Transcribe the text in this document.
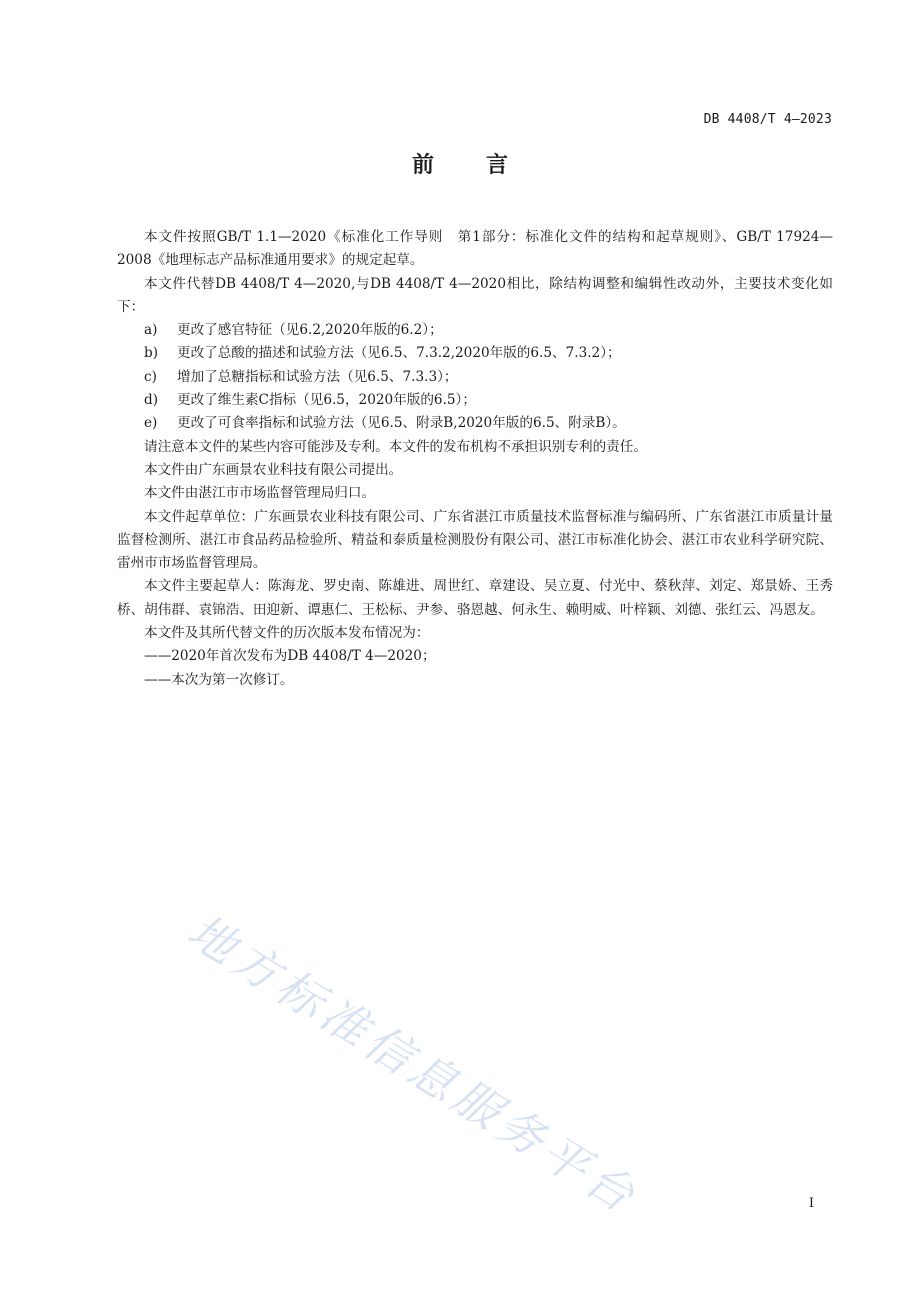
DB 4408/T 4—2023
前言

本文件按照GB/T 1.1—2020《标准化工作导则　第1部分：标准化文件的结构和起草规则》、GB/T 17924—2008《地理标志产品标准通用要求》的规定起草。

本文件代替DB 4408/T 4—2020,与DB 4408/T 4—2020相比，除结构调整和编辑性改动外，主要技术变化如下：

a) 更改了感官特征（见6.2,2020年版的6.2）；

b) 更改了总酸的描述和试验方法（见6.5、7.3.2,2020年版的6.5、7.3.2）；

c) 增加了总糖指标和试验方法（见6.5、7.3.3）；

d) 更改了维生素C指标（见6.5，2020年版的6.5）；

e) 更改了可食率指标和试验方法（见6.5、附录B,2020年版的6.5、附录B）。

请注意本文件的某些内容可能涉及专利。本文件的发布机构不承担识别专利的责任。

本文件由广东画景农业科技有限公司提出。

本文件由湛江市市场监督管理局归口。

本文件起草单位：广东画景农业科技有限公司、广东省湛江市质量技术监督标准与编码所、广东省湛江市质量计量监督检测所、湛江市食品药品检验所、精益和泰质量检测股份有限公司、湛江市标准化协会、湛江市农业科学研究院、雷州市市场监督管理局。

本文件主要起草人：陈海龙、罗史南、陈雄进、周世红、章建设、吴立夏、付光中、蔡秋萍、刘定、郑景娇、王秀桥、胡伟群、袁锦浩、田迎新、谭惠仁、王松标、尹参、骆恩越、何永生、赖明威、叶梓颖、刘德、张红云、冯恩友。

本文件及其所代替文件的历次版本发布情况为：

——2020年首次发布为DB 4408/T 4—2020；

——本次为第一次修订。

地方标准信息服务平台	I
